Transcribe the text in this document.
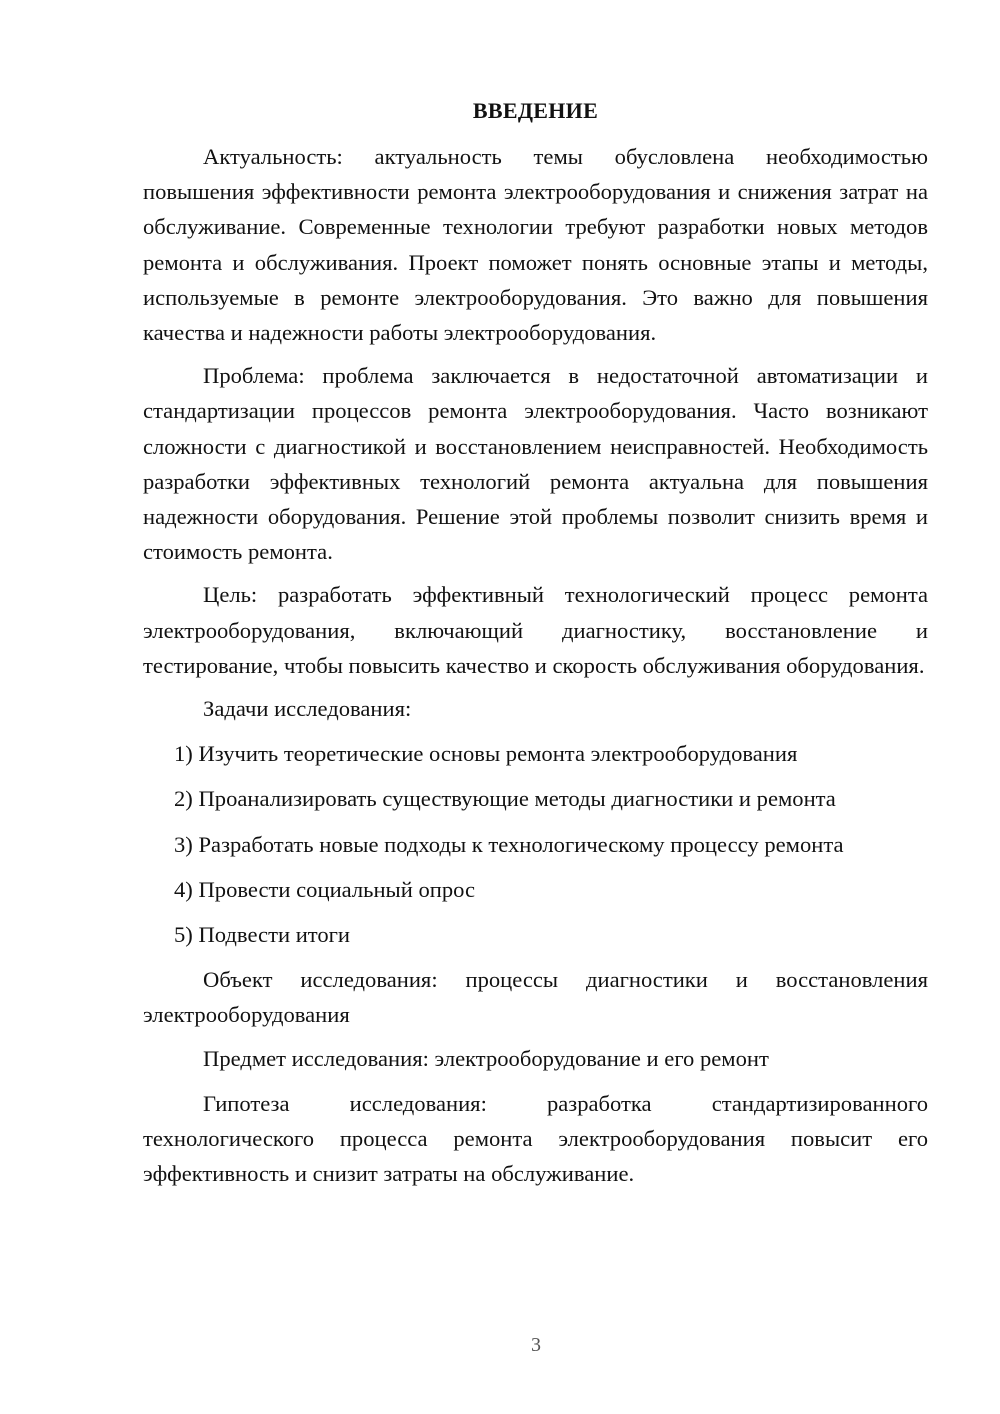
ВВЕДЕНИЕ

Актуальность: актуальность темы обусловлена необходимостью повышения эффективности ремонта электрооборудования и снижения затрат на обслуживание. Современные технологии требуют разработки новых методов ремонта и обслуживания. Проект поможет понять основные этапы и методы, используемые в ремонте электрооборудования. Это важно для повышения качества и надежности работы электрооборудования.

Проблема: проблема заключается в недостаточной автоматизации и стандартизации процессов ремонта электрооборудования. Часто возникают сложности с диагностикой и восстановлением неисправностей. Необходимость разработки эффективных технологий ремонта актуальна для повышения надежности оборудования. Решение этой проблемы позволит снизить время и стоимость ремонта.

Цель: разработать эффективный технологический процесс ремонта электрооборудования, включающий диагностику, восстановление и тестирование, чтобы повысить качество и скорость обслуживания оборудования.

Задачи исследования:

1) Изучить теоретические основы ремонта электрооборудования
2) Проанализировать существующие методы диагностики и ремонта
3) Разработать новые подходы к технологическому процессу ремонта
4) Провести социальный опрос
5) Подвести итоги

Объект исследования: процессы диагностики и восстановления электрооборудования

Предмет исследования: электрооборудование и его ремонт

Гипотеза исследования: разработка стандартизированного технологического процесса ремонта электрооборудования повысит его эффективность и снизит затраты на обслуживание.

3
